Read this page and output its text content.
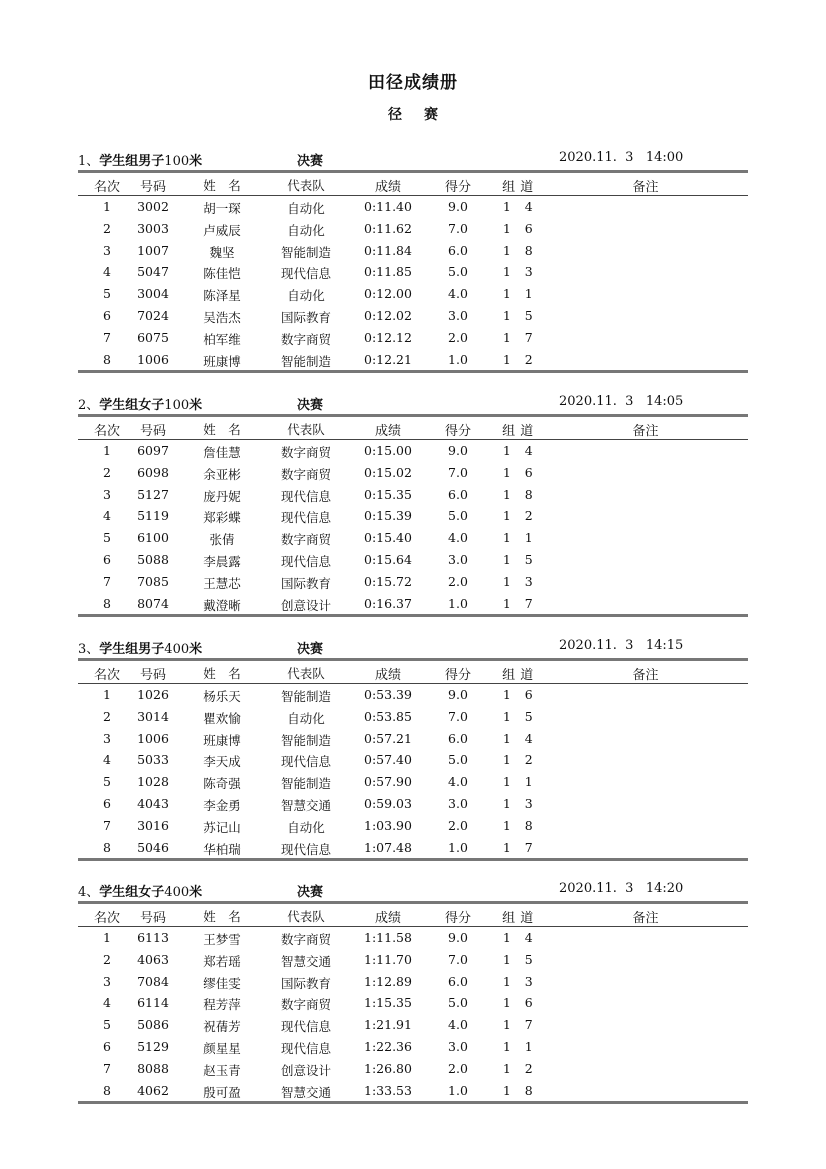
田径成绩册
径赛
1、学生组男子100米	决赛	2020.11.  3   14:00
名次	号码	姓　名	代表队	成绩	得分	组 道	备注
1	3002	胡一琛	自动化	0:11.40	9.0	1   4
2	3003	卢威辰	自动化	0:11.62	7.0	1   6
3	1007	魏坚	智能制造	0:11.84	6.0	1   8
4	5047	陈佳恺	现代信息	0:11.85	5.0	1   3
5	3004	陈泽星	自动化	0:12.00	4.0	1   1
6	7024	吴浩杰	国际教育	0:12.02	3.0	1   5
7	6075	柏军维	数字商贸	0:12.12	2.0	1   7
8	1006	班康博	智能制造	0:12.21	1.0	1   2
2、学生组女子100米	决赛	2020.11.  3   14:05
名次	号码	姓　名	代表队	成绩	得分	组 道	备注
1	6097	詹佳慧	数字商贸	0:15.00	9.0	1   4
2	6098	余亚彬	数字商贸	0:15.02	7.0	1   6
3	5127	庞丹妮	现代信息	0:15.35	6.0	1   8
4	5119	郑彩蝶	现代信息	0:15.39	5.0	1   2
5	6100	张倩	数字商贸	0:15.40	4.0	1   1
6	5088	李晨露	现代信息	0:15.64	3.0	1   5
7	7085	王慧芯	国际教育	0:15.72	2.0	1   3
8	8074	戴澄晰	创意设计	0:16.37	1.0	1   7
3、学生组男子400米	决赛	2020.11.  3   14:15
名次	号码	姓　名	代表队	成绩	得分	组 道	备注
1	1026	杨乐天	智能制造	0:53.39	9.0	1   6
2	3014	瞿欢愉	自动化	0:53.85	7.0	1   5
3	1006	班康博	智能制造	0:57.21	6.0	1   4
4	5033	李天成	现代信息	0:57.40	5.0	1   2
5	1028	陈奇强	智能制造	0:57.90	4.0	1   1
6	4043	李金勇	智慧交通	0:59.03	3.0	1   3
7	3016	苏记山	自动化	1:03.90	2.0	1   8
8	5046	华柏瑞	现代信息	1:07.48	1.0	1   7
4、学生组女子400米	决赛	2020.11.  3   14:20
名次	号码	姓　名	代表队	成绩	得分	组 道	备注
1	6113	王梦雪	数字商贸	1:11.58	9.0	1   4
2	4063	郑若瑶	智慧交通	1:11.70	7.0	1   5
3	7084	缪佳雯	国际教育	1:12.89	6.0	1   3
4	6114	程芳萍	数字商贸	1:15.35	5.0	1   6
5	5086	祝蒨芳	现代信息	1:21.91	4.0	1   7
6	5129	颜星星	现代信息	1:22.36	3.0	1   1
7	8088	赵玉青	创意设计	1:26.80	2.0	1   2
8	4062	殷可盈	智慧交通	1:33.53	1.0	1   8
